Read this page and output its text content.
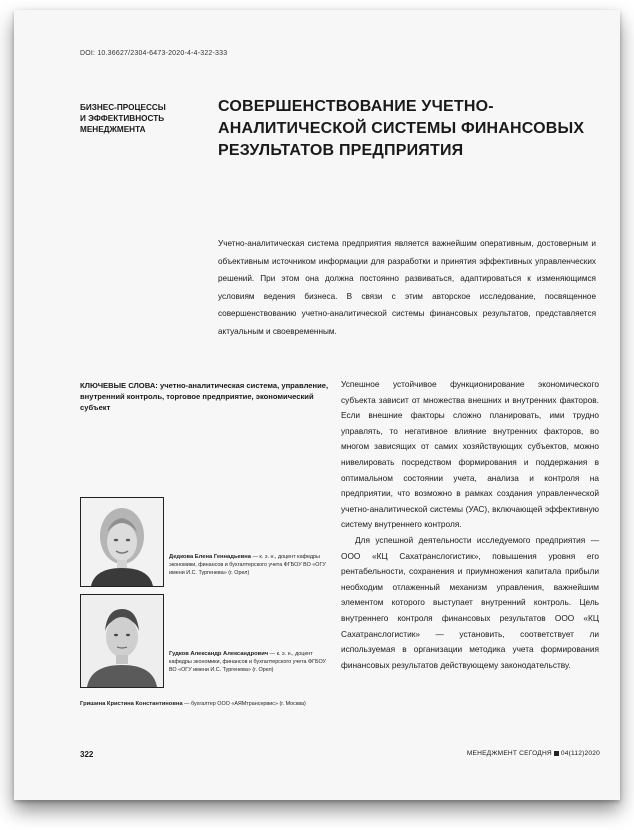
DOI: 10.36627/2304-6473-2020-4-4-322-333
БИЗНЕС-ПРОЦЕССЫ
И ЭФФЕКТИВНОСТЬ
МЕНЕДЖМЕНТА
СОВЕРШЕНСТВОВАНИЕ УЧЕТНО-
АНАЛИТИЧЕСКОЙ СИСТЕМЫ ФИНАНСОВЫХ
РЕЗУЛЬТАТОВ ПРЕДПРИЯТИЯ
Учетно-аналитическая система предприятия является важнейшим оперативным, достоверным и объективным источником информации для разработки и принятия эффективных управленческих решений. При этом она должна постоянно развиваться, адаптироваться к изменяющимся условиям ведения бизнеса. В связи с этим авторское исследование, посвященное совершенствованию учетно-аналитической системы финансовых результатов, представляется актуальным и своевременным.
КЛЮЧЕВЫЕ СЛОВА: учетно-аналитическая система, управление, внутренний контроль, торговое предприятие, экономический субъект

Успешное устойчивое функционирование экономического субъекта зависит от множества внешних и внутренних факторов. Если внешние факторы сложно планировать, ими трудно управлять, то негативное влияние внутренних факторов, во многом зависящих от самих хозяйствующих субъектов, можно нивелировать посредством формирования и поддержания в оптимальном состоянии учета, анализа и контроля на предприятии, что возможно в рамках создания управленческой учетно-аналитической системы (УАС), включающей эффективную систему внутреннего контроля.

Для успешной деятельности исследуемого предприятия — ООО «КЦ Сахатранслогистик», повышения уровня его рентабельности, сохранения и приумножения капитала прибыли необходим отлаженный механизм управления, важнейшим элементом которого выступает внутренний контроль. Цель внутреннего контроля финансовых результатов ООО «КЦ Сахатранслогистик» — установить, соответствует ли используемая в организации методика учета формирования финансовых результатов действующему законодательству.

Дедкова Елена Геннадьевна — к. э. н., доцент кафедры экономики, финансов и бухгалтерского учета ФГБОУ ВО «ОГУ имени И.С. Тургенева» (г. Орел)
Гудков Александр Александрович — к. э. н., доцент кафедры экономики, финансов и бухгалтерского учета ФГБОУ ВО «ОГУ имени И.С. Тургенева» (г. Орел)
Гришина Кристина Константиновна — бухгалтер ООО «АЯМтрансервис» (г. Москва)
322	МЕНЕДЖМЕНТ СЕГОДНЯ 04(112)2020
